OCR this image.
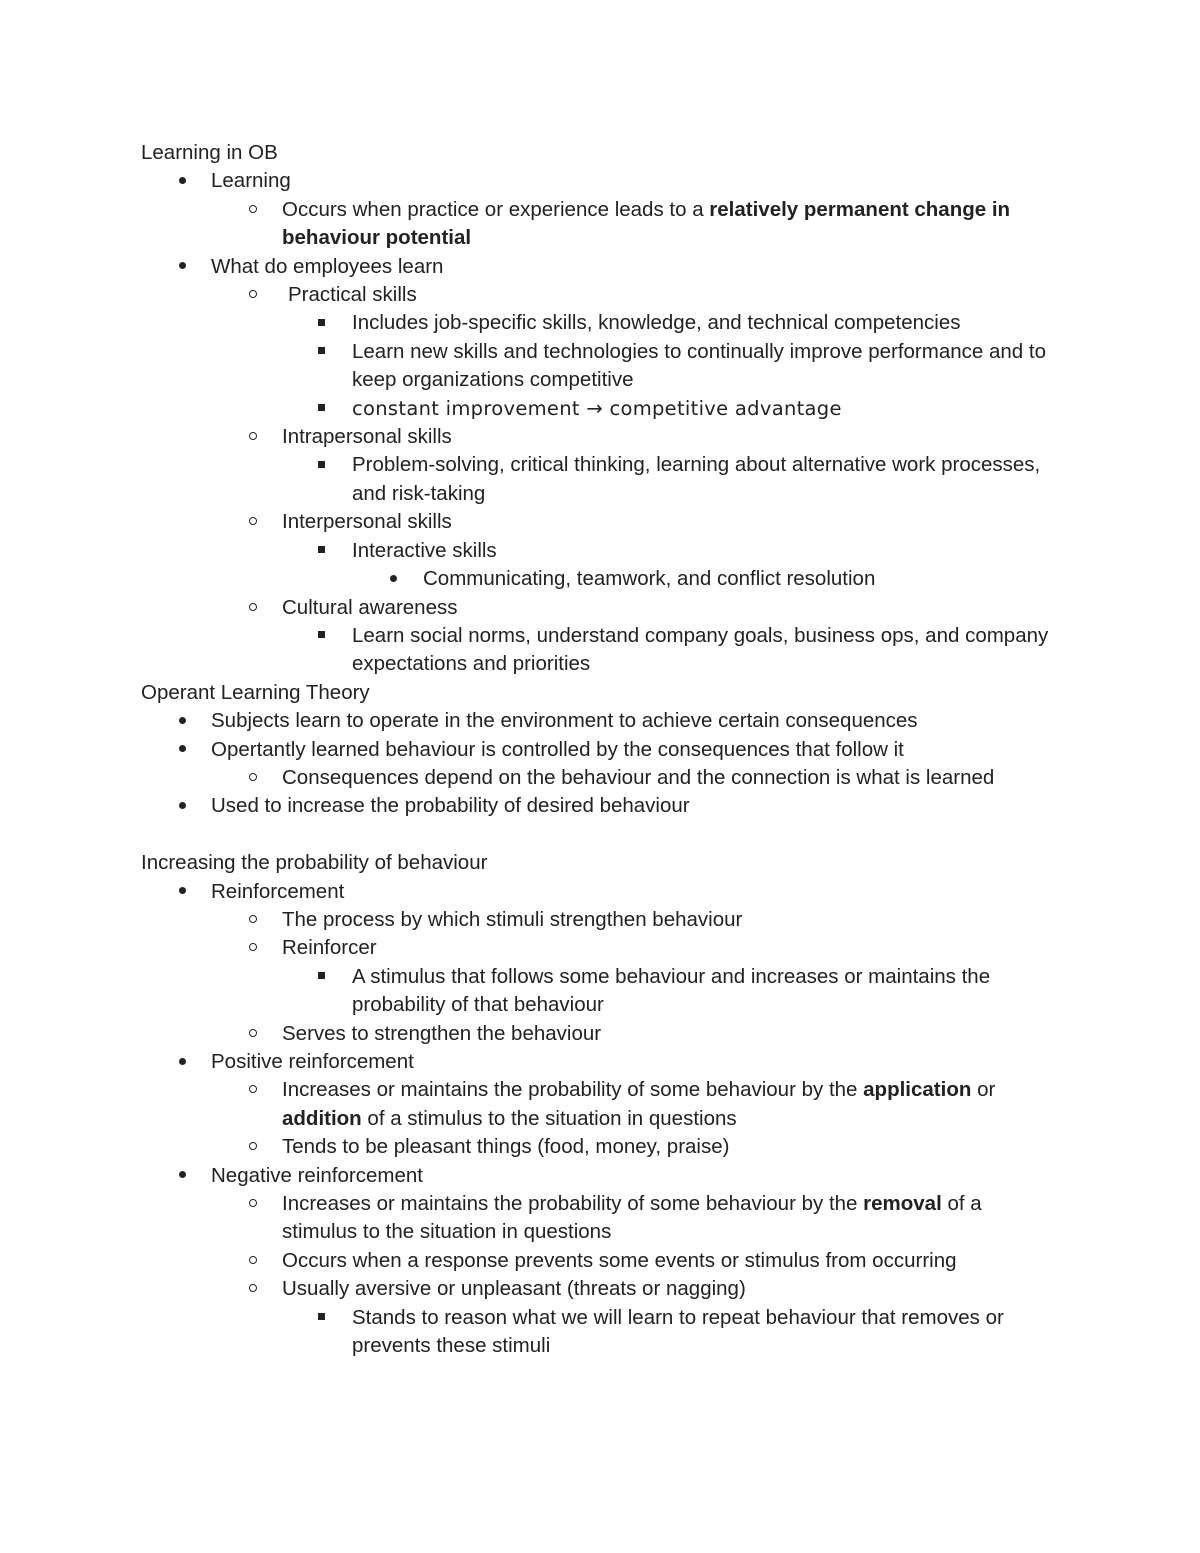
Learning in OB
Learning
Occurs when practice or experience leads to a relatively permanent change in behaviour potential
What do employees learn
Practical skills
Includes job-specific skills, knowledge, and technical competencies
Learn new skills and technologies to continually improve performance and to keep organizations competitive
constant improvement → competitive advantage
Intrapersonal skills
Problem-solving, critical thinking, learning about alternative work processes, and risk-taking
Interpersonal skills
Interactive skills
Communicating, teamwork, and conflict resolution
Cultural awareness
Learn social norms, understand company goals, business ops, and company expectations and priorities
Operant Learning Theory
Subjects learn to operate in the environment to achieve certain consequences
Opertantly learned behaviour is controlled by the consequences that follow it
Consequences depend on the behaviour and the connection is what is learned
Used to increase the probability of desired behaviour
Increasing the probability of behaviour
Reinforcement
The process by which stimuli strengthen behaviour
Reinforcer
A stimulus that follows some behaviour and increases or maintains the probability of that behaviour
Serves to strengthen the behaviour
Positive reinforcement
Increases or maintains the probability of some behaviour by the application or addition of a stimulus to the situation in questions
Tends to be pleasant things (food, money, praise)
Negative reinforcement
Increases or maintains the probability of some behaviour by the removal of a stimulus to the situation in questions
Occurs when a response prevents some events or stimulus from occurring
Usually aversive or unpleasant (threats or nagging)
Stands to reason what we will learn to repeat behaviour that removes or prevents these stimuli
